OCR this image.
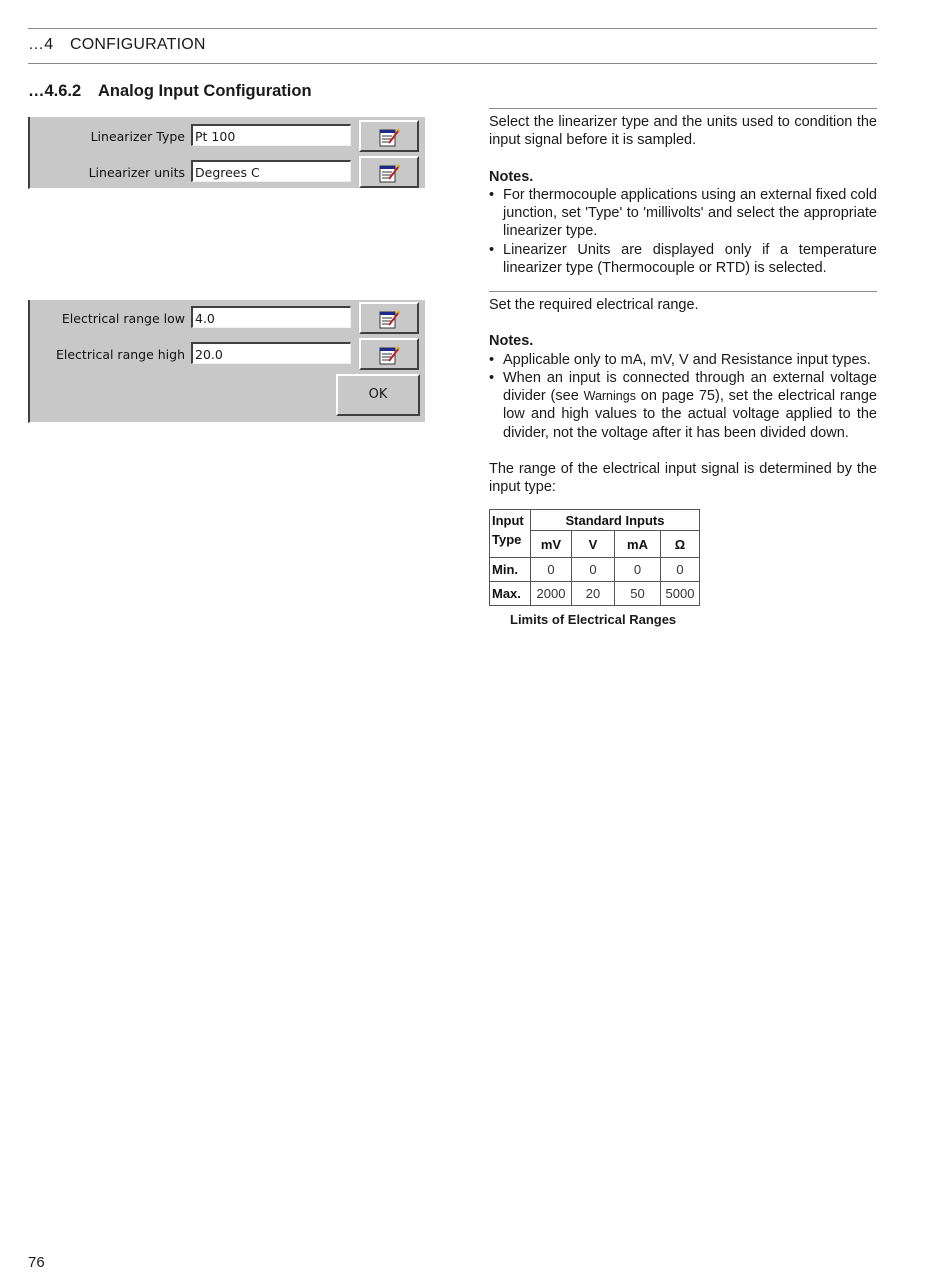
…4 CONFIGURATION
…4.6.2 Analog Input Configuration
Linearizer Type Pt 100
Linearizer units Degrees C
Electrical range low 4.0
Electrical range high 20.0
OK

Select the linearizer type and the units used to condition the input signal before it is sampled.

Notes.

• For thermocouple applications using an external fixed cold junction, set 'Type' to 'millivolts' and select the appropriate linearizer type.
• Linearizer Units are displayed only if a temperature linearizer type (Thermocouple or RTD) is selected.

Set the required electrical range.

Notes.

• Applicable only to mA, mV, V and Resistance input types.
• When an input is connected through an external voltage divider (see Warnings on page 75), set the electrical range low and high values to the actual voltage applied to the divider, not the voltage after it has been divided down.

The range of the electrical input signal is determined by the input type:

Input Type	Standard Inputs			
	mV	V	mA	Ω
Min.	0	0	0	0
Max.	2000	20	50	5000
Limits of Electrical Ranges
76
